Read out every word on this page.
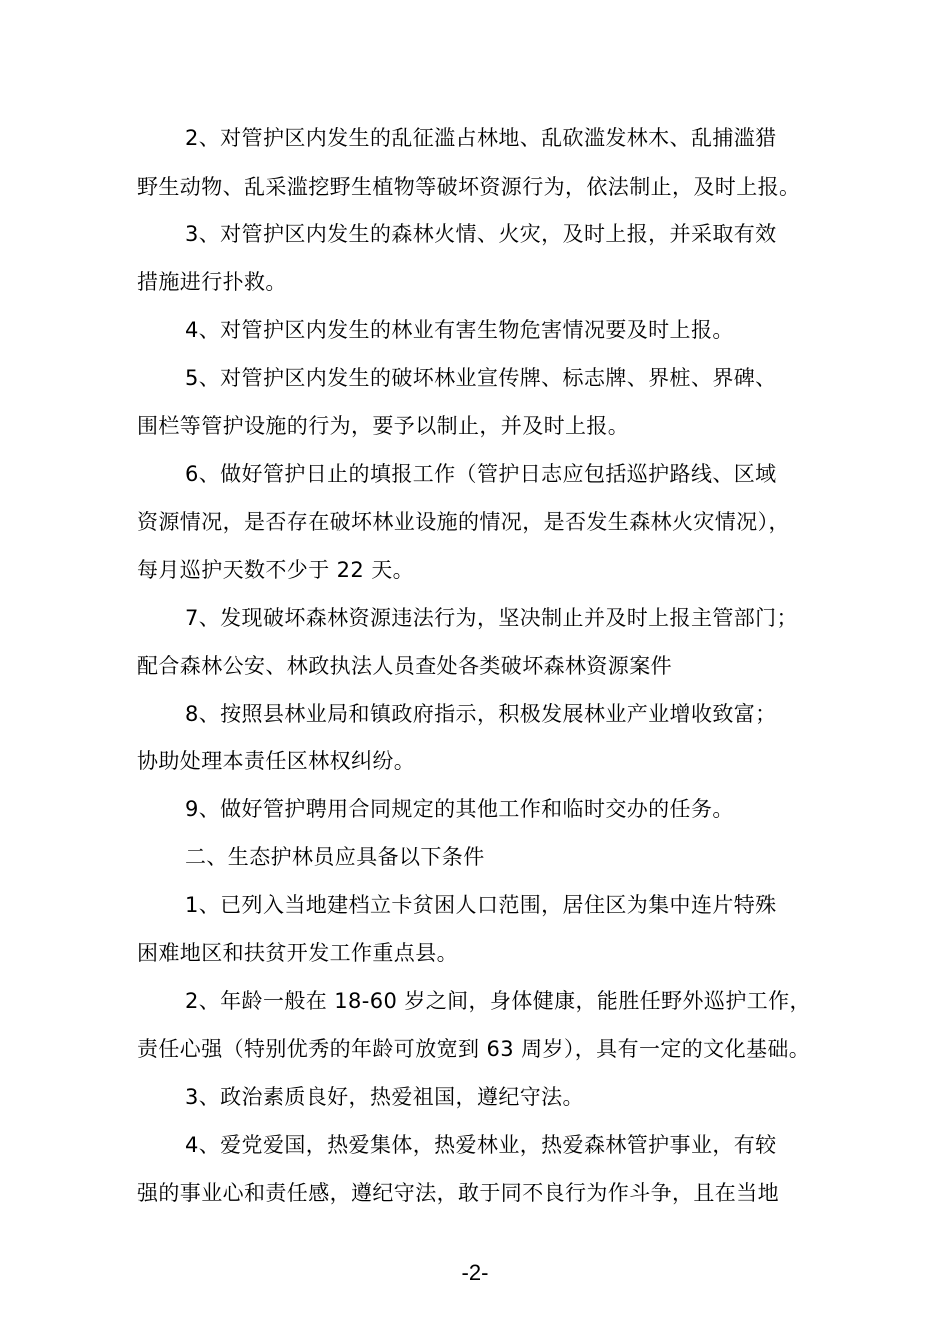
2、对管护区内发生的乱征滥占林地、乱砍滥发林木、乱捕滥猎
野生动物、乱采滥挖野生植物等破坏资源行为，依法制止，及时上报。
3、对管护区内发生的森林火情、火灾，及时上报，并采取有效
措施进行扑救。
4、对管护区内发生的林业有害生物危害情况要及时上报。
5、对管护区内发生的破坏林业宣传牌、标志牌、界桩、界碑、
围栏等管护设施的行为，要予以制止，并及时上报。
6、做好管护日止的填报工作（管护日志应包括巡护路线、区域
资源情况，是否存在破坏林业设施的情况，是否发生森林火灾情况），
每月巡护天数不少于 22 天。
7、发现破坏森林资源违法行为，坚决制止并及时上报主管部门；
配合森林公安、林政执法人员查处各类破坏森林资源案件
8、按照县林业局和镇政府指示，积极发展林业产业增收致富；
协助处理本责任区林权纠纷。
9、做好管护聘用合同规定的其他工作和临时交办的任务。
二、生态护林员应具备以下条件
1、已列入当地建档立卡贫困人口范围，居住区为集中连片特殊
困难地区和扶贫开发工作重点县。
2、年龄一般在 18-60 岁之间，身体健康，能胜任野外巡护工作，
责任心强（特别优秀的年龄可放宽到 63 周岁），具有一定的文化基础。
3、政治素质良好，热爱祖国，遵纪守法。
4、爱党爱国，热爱集体，热爱林业，热爱森林管护事业，有较
强的事业心和责任感，遵纪守法，敢于同不良行为作斗争，且在当地
-2-
